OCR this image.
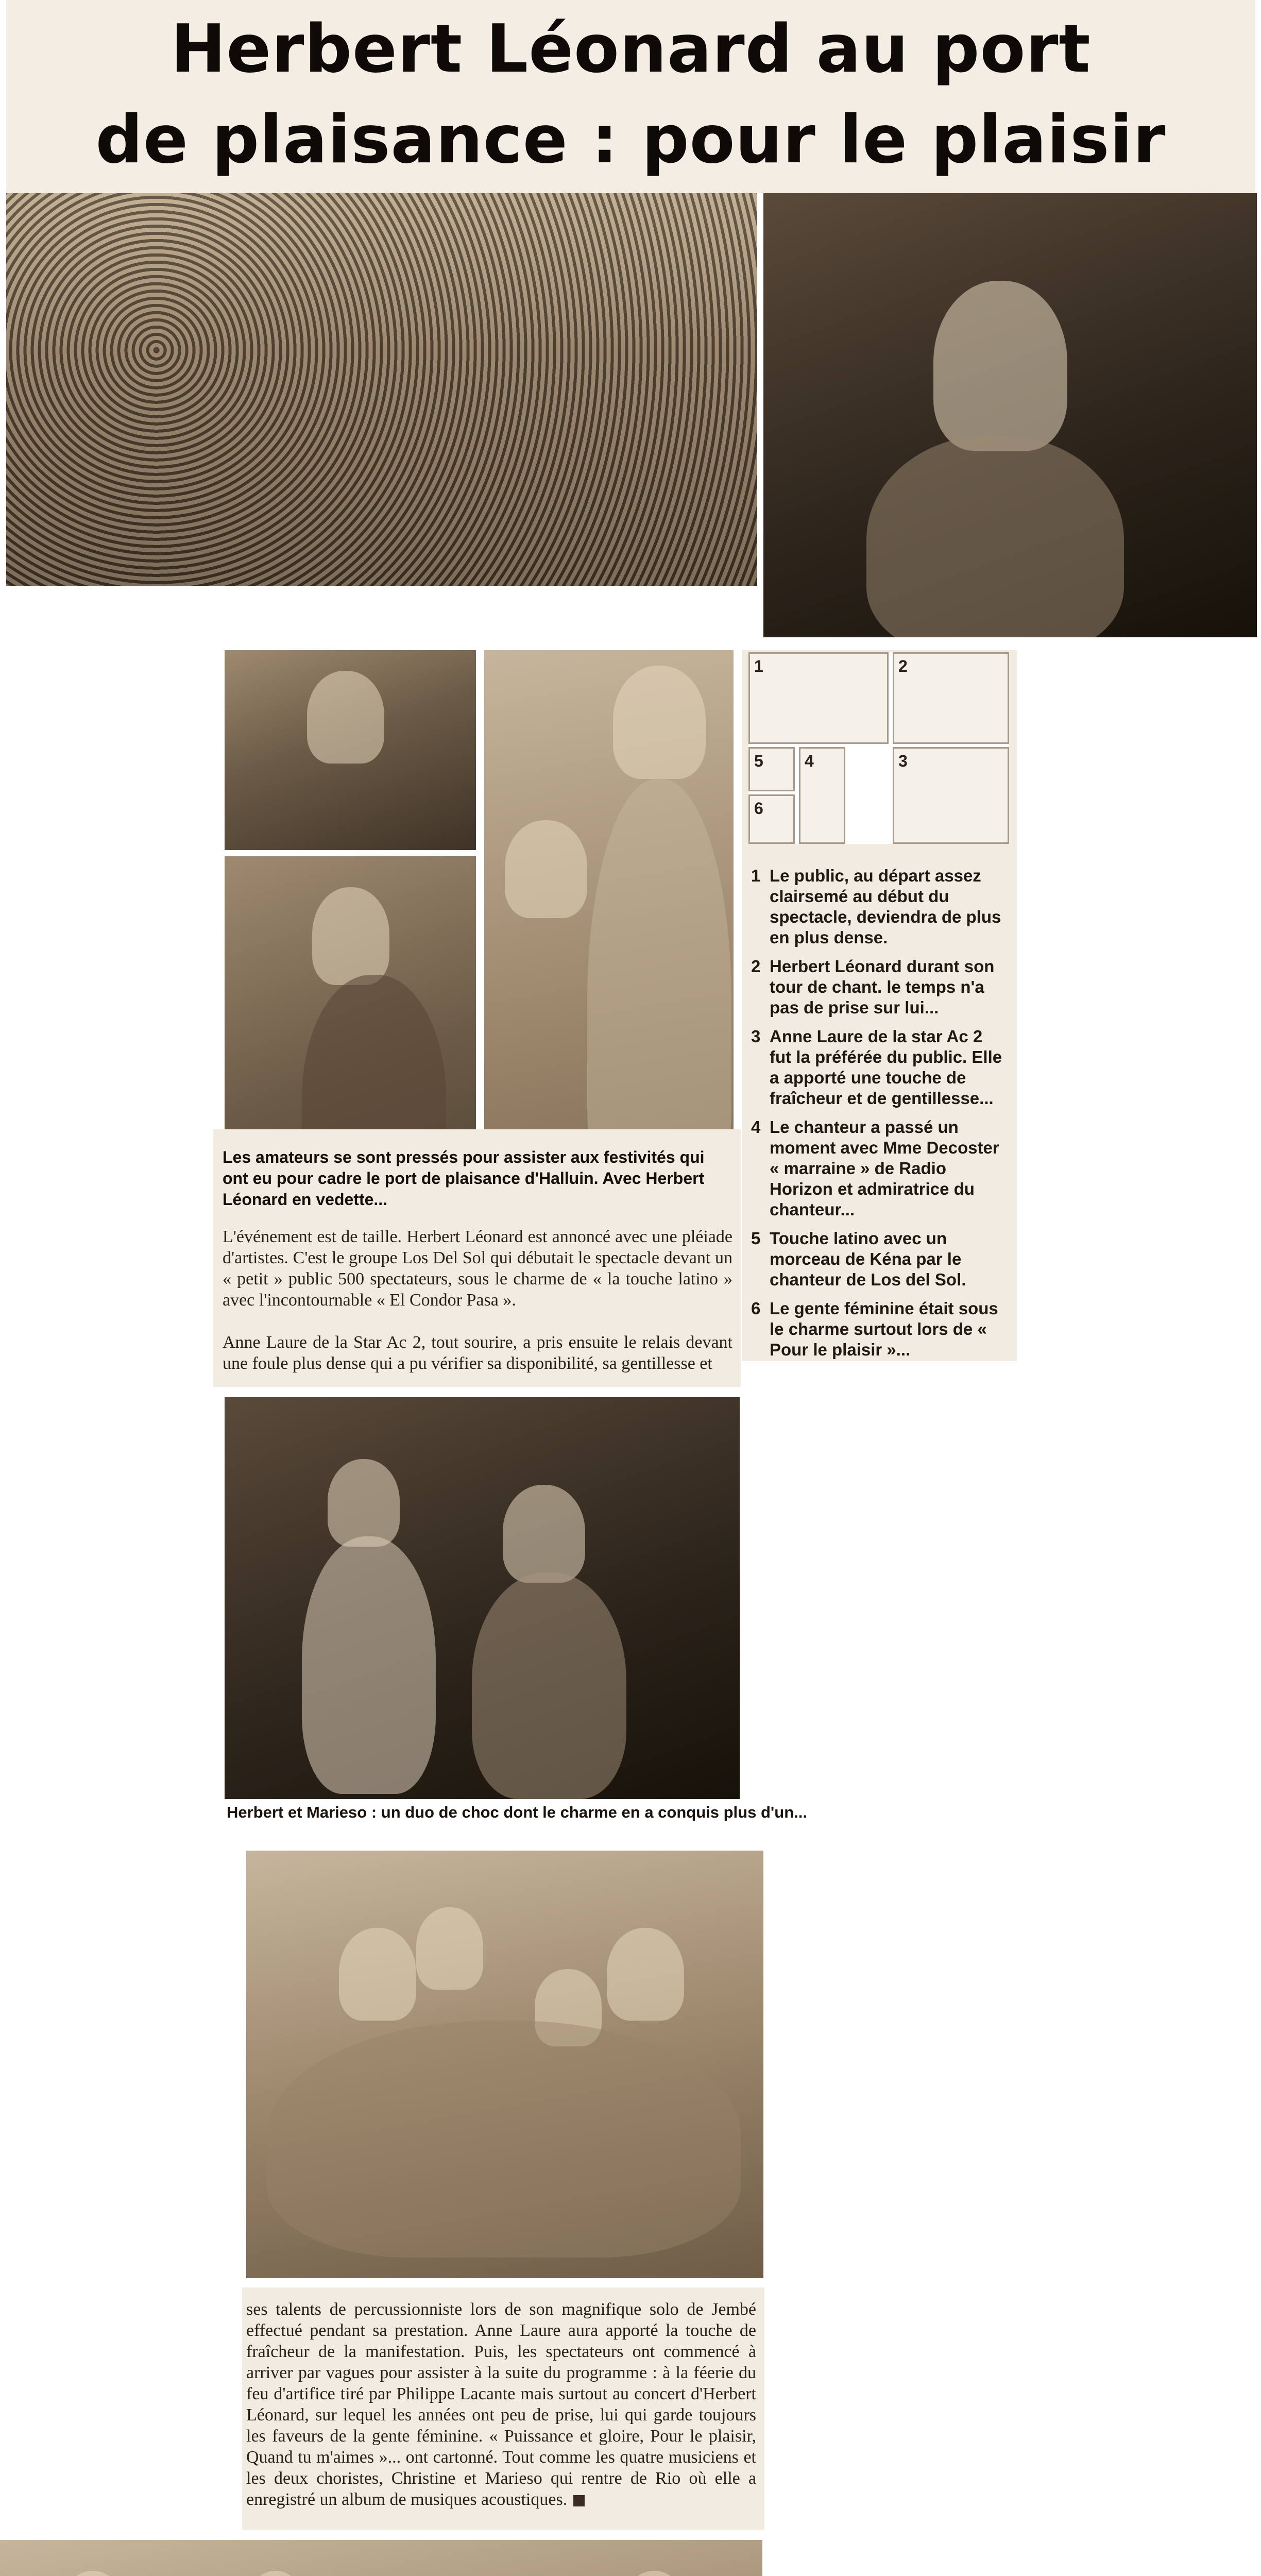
Herbert Léonard au port
de plaisance : pour le plaisir
1	2
5	4	3
6
1 Le public, au départ assez clairsemé au début du spectacle, deviendra de plus en plus dense.
2 Herbert Léonard durant son tour de chant. le temps n'a pas de prise sur lui...
3 Anne Laure de la star Ac 2 fut la préférée du public. Elle a apporté une touche de fraîcheur et de gentillesse...
4 Le chanteur a passé un moment avec Mme Decoster « marraine » de Radio Horizon et admiratrice du chanteur...
5 Touche latino avec un morceau de Kéna par le chanteur de Los del Sol.
6 Le gente féminine était sous le charme surtout lors de « Pour le plaisir »...
Les amateurs se sont pressés pour assister aux festivités qui ont eu pour cadre le port de plaisance d'Halluin. Avec Herbert Léonard en vedette...
L'événement est de taille. Herbert Léonard est annoncé avec une pléiade d'artistes. C'est le groupe Los Del Sol qui débutait le spectacle devant un « petit » public 500 spectateurs, sous le charme de « la touche latino » avec l'incontournable « El Condor Pasa ».
Anne Laure de la Star Ac 2, tout sourire, a pris ensuite le relais devant une foule plus dense qui a pu vérifier sa disponibilité, sa gentillesse et
Herbert et Marieso : un duo de choc dont le charme en a conquis plus d'un...
ses talents de percussionniste lors de son magnifique solo de Jembé effectué pendant sa prestation. Anne Laure aura apporté la touche de fraîcheur de la manifestation. Puis, les spectateurs ont commencé à arriver par vagues pour assister à la suite du programme : à la féerie du feu d'artifice tiré par Philippe Lacante mais surtout au concert d'Herbert Léonard, sur lequel les années ont peu de prise, lui qui garde toujours les faveurs de la gente féminine. « Puissance et gloire, Pour le plaisir, Quand tu m'aimes »... ont cartonné. Tout comme les quatre musiciens et les deux choristes, Christine et Marieso qui rentre de Rio où elle a enregistré un album de musiques acoustiques.
